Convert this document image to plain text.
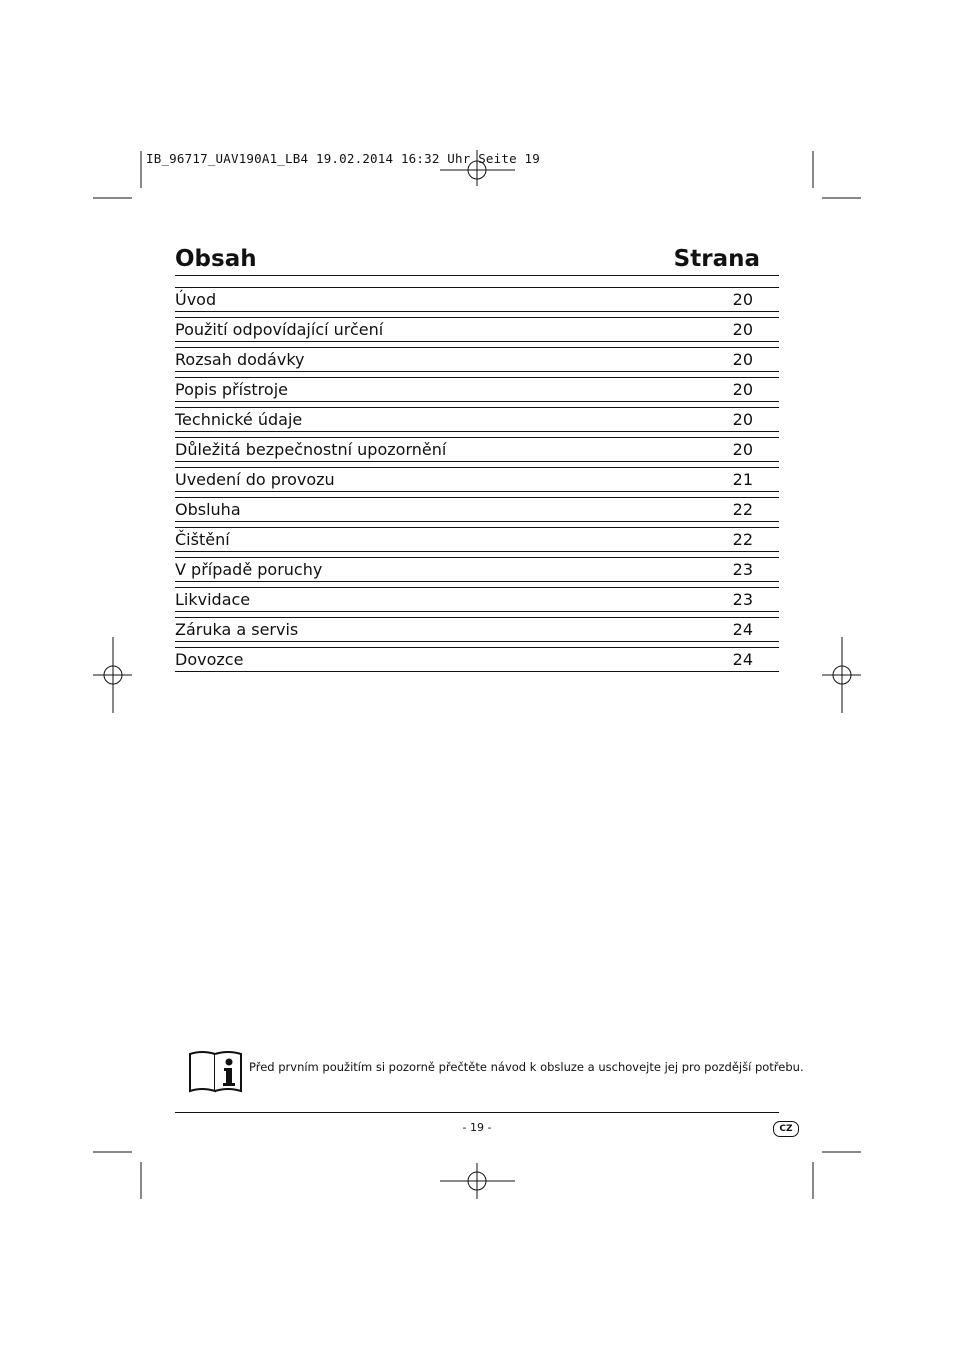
IB_96717_UAV190A1_LB4 19.02.2014 16:32 Uhr Seite 19
Obsah	Strana
Úvod	20
Použití odpovídající určení	20
Rozsah dodávky	20
Popis přístroje	20
Technické údaje	20
Důležitá bezpečnostní upozornění	20
Uvedení do provozu	21
Obsluha	22
Čištění	22
V případě poruchy	23
Likvidace	23
Záruka a servis	24
Dovozce	24
Před prvním použitím si pozorně přečtěte návod k obsluze a uschovejte jej pro pozdější potřebu.
- 19 -	CZ
